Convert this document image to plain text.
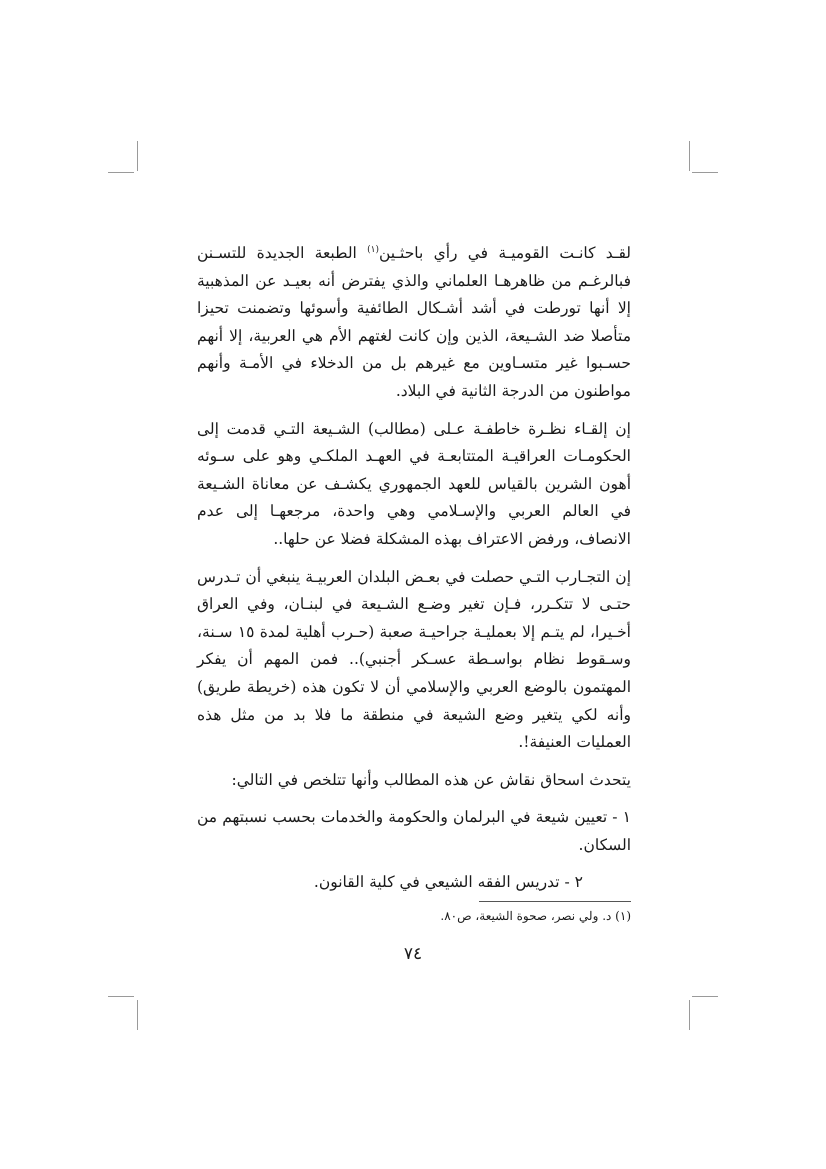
لقـد كانـت القوميـة في رأي باحثـين$^{(١)}$ الطبعة الجديدة للتسـنن فبالرغـم من ظاهرهـا العلماني والذي يفترض أنه بعيـد عن المذهبية إلا أنها تورطت في أشد أشـكال الطائفية وأسوئها وتضمنت تحيزا متأصلا ضد الشـيعة، الذين وإن كانت لغتهم الأم هي العربية، إلا أنهم حسـبوا غير متسـاوين مع غيرهم بل من الدخلاء في الأمـة وأنهم مواطنون من الدرجة الثانية في البلاد.

إن إلقـاء نظـرة خاطفـة عـلى (مطالب) الشـيعة التـي قدمت إلى الحكومـات العراقيـة المتتابعـة في العهـد الملكـي وهو على سـوئه أهون الشرين بالقياس للعهد الجمهوري يكشـف عن معاناة الشـيعة في العالم العربي والإسـلامي وهي واحدة، مرجعهـا إلى عدم الانصاف، ورفض الاعتراف بهذه المشكلة فضلا عن حلها..

إن التجـارب التـي حصلت في بعـض البلدان العربيـة ينبغي أن تـدرس حتـى لا تتكـرر، فـإن تغير وضـع الشـيعة في لبنـان، وفي العراق أخـيرا، لم يتـم إلا بعمليـة جراحيـة صعبة (حـرب أهلية لمدة ١٥ سـنة، وسـقوط نظام بواسـطة عسـكر أجنبي).. فمن المهم أن يفكر المهتمون بالوضع العربي والإسلامي أن لا تكون هذه (خريطة طريق) وأنه لكي يتغير وضع الشيعة في منطقة ما فلا بد من مثل هذه العمليات العنيفة!.

يتحدث اسحاق نقاش عن هذه المطالب وأنها تتلخص في التالي:

١ - تعيين شيعة في البرلمان والحكومة والخدمات بحسب نسبتهم من السكان.

٢ - تدريس الفقه الشيعي في كلية القانون.

(١) د. ولي نصر، صحوة الشيعة، ص٨٠.
٧٤
